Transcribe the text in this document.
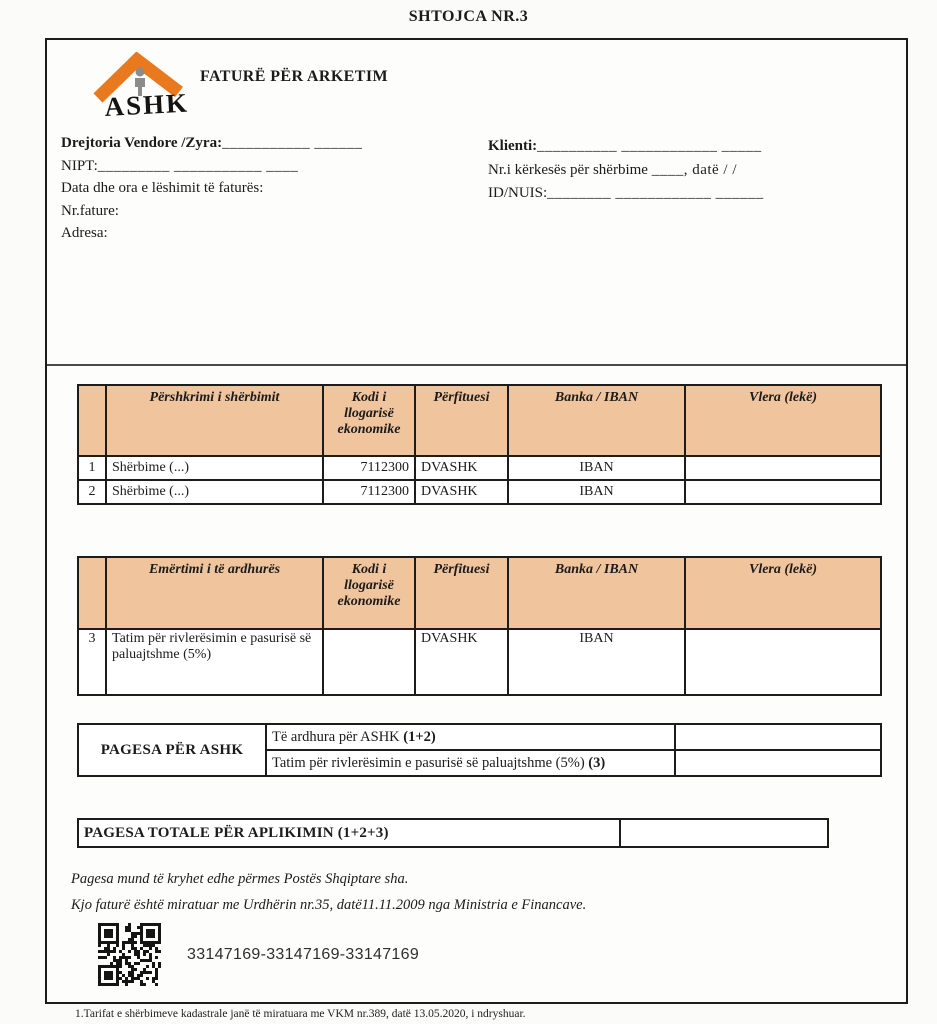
SHTOJCA NR.3
ASHK
FATURË PËR ARKETIM
Drejtoria Vendore /Zyra:___________ ______
NIPT:_________ ___________ ____
Data dhe ora e lëshimit të faturës:
Nr.fature:
Adresa:
Klienti:__________ ____________ _____
Nr.i kërkesës për shërbime ____, datë / /
ID/NUIS:________ ____________ ______
	Përshkrimi i shërbimit	Kodi i llogarisë ekonomike	Përfituesi	Banka / IBAN	Vlera (lekë)
1	Shërbime (...)	7112300	DVASHK	IBAN	
2	Shërbime (...)	7112300	DVASHK	IBAN	
	Emërtimi i të ardhurës	Kodi i llogarisë ekonomike	Përfituesi	Banka / IBAN	Vlera (lekë)
3	Tatim për rivlerësimin e pasurisë së paluajtshme (5%)		DVASHK	IBAN	
PAGESA PËR ASHK	Të ardhura për ASHK (1+2)	
	Tatim për rivlerësimin e pasurisë së paluajtshme (5%) (3)	
PAGESA TOTALE PËR APLIKIMIN (1+2+3)	
Pagesa mund të kryhet edhe përmes Postës Shqiptare sha.
Kjo faturë është miratuar me Urdhërin nr.35, datë11.11.2009 nga Ministria e Financave.
33147169-33147169-33147169
1.Tarifat e shërbimeve kadastrale janë të miratuara me VKM nr.389, datë 13.05.2020, i ndryshuar.
